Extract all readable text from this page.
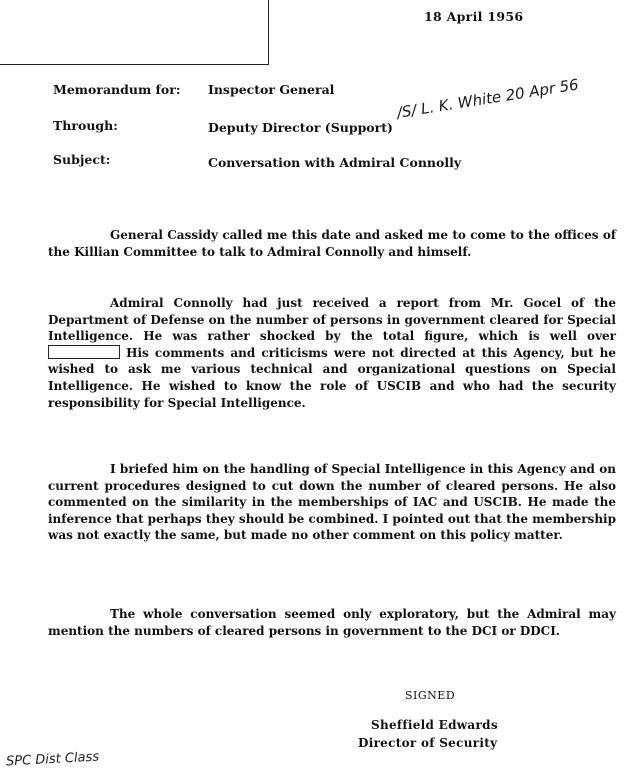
18 April 1956
Memorandum for: Inspector General
Through:	Deputy Director (Support)
/S/ L. K. White 20 Apr 56
Subject:	Conversation with Admiral Connolly

General Cassidy called me this date and asked me to come to the offices of the Killian Committee to talk to Admiral Connolly and himself.

Admiral Connolly had just received a report from Mr. Gocel of the Department of Defense on the number of persons in government cleared for Special Intelligence. He was rather shocked by the total figure, which is well over  His comments and criticisms were not directed at this Agency, but he wished to ask me various technical and organizational questions on Special Intelligence. He wished to know the role of USCIB and who had the security responsibility for Special Intelligence.

I briefed him on the handling of Special Intelligence in this Agency and on current procedures designed to cut down the number of cleared persons. He also commented on the similarity in the memberships of IAC and USCIB. He made the inference that perhaps they should be combined. I pointed out that the membership was not exactly the same, but made no other comment on this policy matter.

The whole conversation seemed only exploratory, but the Admiral may mention the numbers of cleared persons in government to the DCI or DDCI.

SIGNED
Sheffield Edwards
Director of Security
SPC Dist Class
